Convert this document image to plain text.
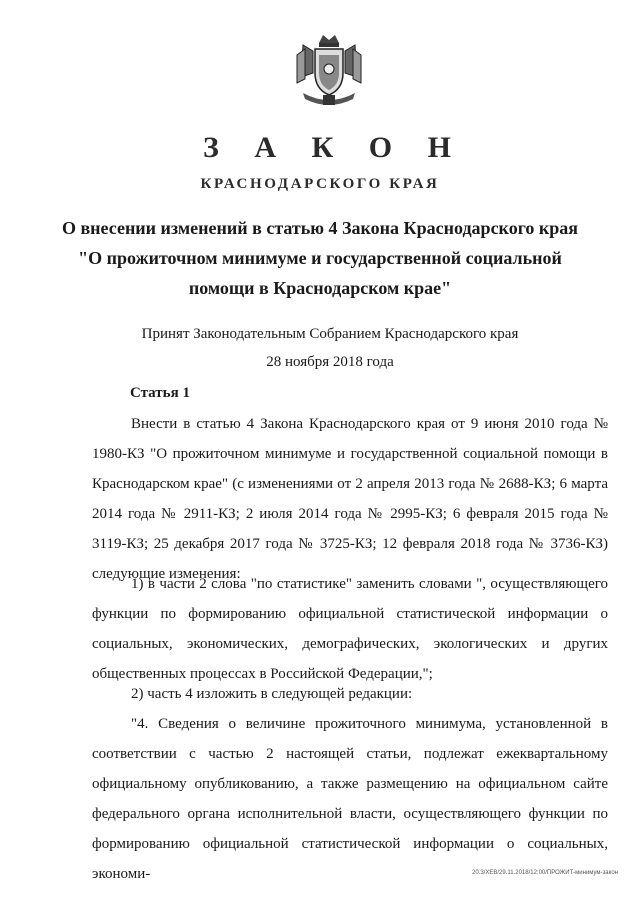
З А К О Н
КРАСНОДАРСКОГО КРАЯ
О внесении изменений в статью 4 Закона Краснодарского края "О прожиточном минимуме и государственной социальной помощи в Краснодарском крае"
Принят Законодательным Собранием Краснодарского края
28 ноября 2018 года
Статья 1
Внести в статью 4 Закона Краснодарского края от 9 июня 2010 года № 1980-КЗ "О прожиточном минимуме и государственной социальной помощи в Краснодарском крае" (с изменениями от 2 апреля 2013 года № 2688-КЗ; 6 марта 2014 года № 2911-КЗ; 2 июля 2014 года № 2995-КЗ; 6 февраля 2015 года № 3119-КЗ; 25 декабря 2017 года № 3725-КЗ; 12 февраля 2018 года № 3736-КЗ) следующие изменения:
1) в части 2 слова "по статистике" заменить словами ", осуществляющего функции по формированию официальной статистической информации о социальных, экономических, демографических, экологических и других общественных процессах в Российской Федерации,";
2) часть 4 изложить в следующей редакции:
"4. Сведения о величине прожиточного минимума, установленной в соответствии с частью 2 настоящей статьи, подлежат ежеквартальному официальному опубликованию, а также размещению на официальном сайте федерального органа исполнительной власти, осуществляющего функции по формированию официальной статистической информации о социальных, экономи-	20.3/ХЕВ/29.11.2018/12:00/ПРОЖИТ-минимум-закон
